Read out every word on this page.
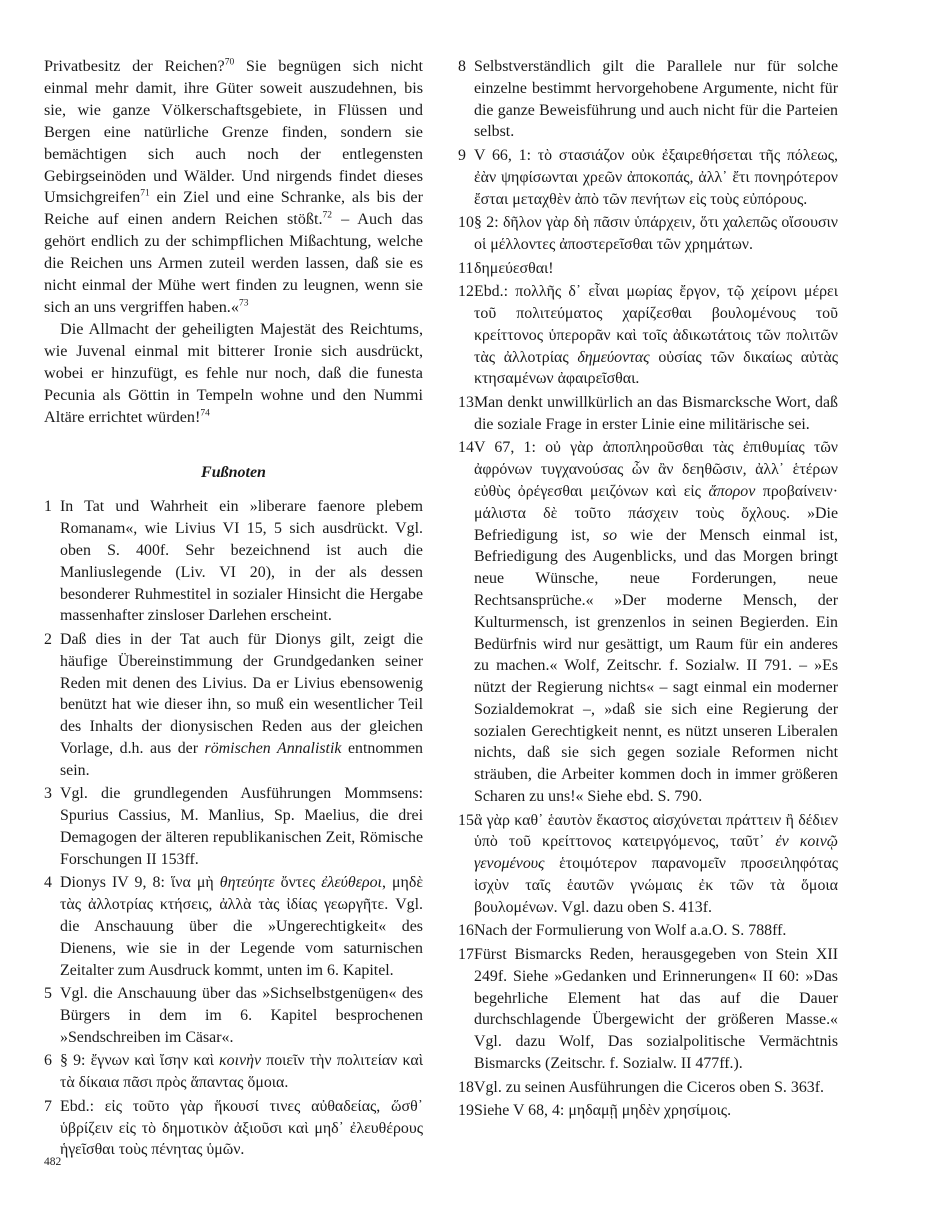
Privatbesitz der Reichen?$^{70}$ Sie begnügen sich nicht einmal mehr damit, ihre Güter soweit auszudehnen, bis sie, wie ganze Völkerschaftsgebiete, in Flüssen und Bergen eine natürliche Grenze finden, sondern sie bemächtigen sich auch noch der entlegensten Gebirgseinöden und Wälder. Und nirgends findet dieses Umsichgreifen$^{71}$ ein Ziel und eine Schranke, als bis der Reiche auf einen andern Reichen stößt.$^{72}$ – Auch das gehört endlich zu der schimpflichen Mißachtung, welche die Reichen uns Armen zuteil werden lassen, daß sie es nicht einmal der Mühe wert finden zu leugnen, wenn sie sich an uns vergriffen haben.«$^{73}$

Die Allmacht der geheiligten Majestät des Reichtums, wie Juvenal einmal mit bitterer Ironie sich ausdrückt, wobei er hinzufügt, es fehle nur noch, daß die funesta Pecunia als Göttin in Tempeln wohne und den Nummi Altäre errichtet würden!$^{74}$

Fußnoten
1 In Tat und Wahrheit ein »liberare faenore plebem Romanam«, wie Livius VI 15, 5 sich ausdrückt. Vgl. oben S. 400f. Sehr bezeichnend ist auch die Manliuslegende (Liv. VI 20), in der als dessen besonderer Ruhmestitel in sozialer Hinsicht die Hergabe massenhafter zinsloser Darlehen erscheint.
2 Daß dies in der Tat auch für Dionys gilt, zeigt die häufige Übereinstimmung der Grundgedanken seiner Reden mit denen des Livius. Da er Livius ebensowenig benützt hat wie dieser ihn, so muß ein wesentlicher Teil des Inhalts der dionysischen Reden aus der gleichen Vorlage, d.h. aus der römischen Annalistik entnommen sein.
3 Vgl. die grundlegenden Ausführungen Mommsens: Spurius Cassius, M. Manlius, Sp. Maelius, die drei Demagogen der älteren republikanischen Zeit, Römische Forschungen II 153ff.
4 Dionys IV 9, 8: ἵνα μὴ θητεύητε ὄντες ἐλεύθεροι, μηδὲ τὰς ἀλλοτρίας κτήσεις, ἀλλὰ τὰς ἰδίας γεωργῆτε. Vgl. die Anschauung über die »Ungerechtigkeit« des Dienens, wie sie in der Legende vom saturnischen Zeitalter zum Ausdruck kommt, unten im 6. Kapitel.
5 Vgl. die Anschauung über das »Sichselbstgenügen« des Bürgers in dem im 6. Kapitel besprochenen »Sendschreiben im Cäsar«.
6 § 9: ἔγνων καὶ ἴσην καὶ κοινὴν ποιεῖν τὴν πολιτείαν καὶ τὰ δίκαια πᾶσι πρὸς ἅπαντας ὅμοια.
7 Ebd.: εἰς τοῦτο γὰρ ἥκουσί τινες αὐθαδείας, ὥσθ᾽ ὑβρίζειν εἰς τὸ δημοτικὸν ἀξιοῦσι καὶ μηδ᾽ ἐλευθέρους ἡγεῖσθαι τοὺς πένητας ὑμῶν.
8 Selbstverständlich gilt die Parallele nur für solche einzelne bestimmt hervorgehobene Argumente, nicht für die ganze Beweisführung und auch nicht für die Parteien selbst.
9 V 66, 1: τὸ στασιάζον οὐκ ἐξαιρεθήσεται τῆς πόλεως, ἐὰν ψηφίσωνται χρεῶν ἀποκοπάς, ἀλλ᾽ ἔτι πονηρότερον ἔσται μεταχθὲν ἀπὸ τῶν πενήτων εἰς τοὺς εὐπόρους.
10 § 2: δῆλον γὰρ δὴ πᾶσιν ὑπάρχειν, ὅτι χαλεπῶς οἴσουσιν οἱ μέλλοντες ἀποστερεῖσθαι τῶν χρημάτων.
11 δημεύεσθαι!
12 Ebd.: πολλῆς δ᾽ εἶναι μωρίας ἔργον, τῷ χείρονι μέρει τοῦ πολιτεύματος χαρίζεσθαι βουλομένους τοῦ κρείττονος ὑπερορᾶν καὶ τοῖς ἀδικωτάτοις τῶν πολιτῶν τὰς ἀλλοτρίας δημεύοντας οὐσίας τῶν δικαίως αὐτὰς κτησαμένων ἀφαιρεῖσθαι.
13 Man denkt unwillkürlich an das Bismarcksche Wort, daß die soziale Frage in erster Linie eine militärische sei.
14 V 67, 1: οὐ γὰρ ἀποπληροῦσθαι τὰς ἐπιθυμίας τῶν ἀφρόνων τυγχανούσας ὧν ἂν δεηθῶσιν, ἀλλ᾽ ἑτέρων εὐθὺς ὀρέγεσθαι μειζόνων καὶ εἰς ἄπορον προβαίνειν· μάλιστα δὲ τοῦτο πάσχειν τοὺς ὄχλους. »Die Befriedigung ist, so wie der Mensch einmal ist, Befriedigung des Augenblicks, und das Morgen bringt neue Wünsche, neue Forderungen, neue Rechtsansprüche.« »Der moderne Mensch, der Kulturmensch, ist grenzenlos in seinen Begierden. Ein Bedürfnis wird nur gesättigt, um Raum für ein anderes zu machen.« Wolf, Zeitschr. f. Sozialw. II 791. – »Es nützt der Regierung nichts« – sagt einmal ein moderner Sozialdemokrat –, »daß sie sich eine Regierung der sozialen Gerechtigkeit nennt, es nützt unseren Liberalen nichts, daß sie sich gegen soziale Reformen nicht sträuben, die Arbeiter kommen doch in immer größeren Scharen zu uns!« Siehe ebd. S. 790.
15 ἃ γὰρ καθ᾽ ἑαυτὸν ἕκαστος αἰσχύνεται πράττειν ἢ δέδιεν ὑπὸ τοῦ κρείττονος κατειργόμενος, ταῦτ᾽ ἐν κοινῷ γενομένους ἑτοιμότερον παρανομεῖν προσειληφότας ἰσχὺν ταῖς ἑαυτῶν γνώμαις ἐκ τῶν τὰ ὅμοια βουλομένων. Vgl. dazu oben S. 413f.
16 Nach der Formulierung von Wolf a.a.O. S. 788ff.
17 Fürst Bismarcks Reden, herausgegeben von Stein XII 249f. Siehe »Gedanken und Erinnerungen« II 60: »Das begehrliche Element hat das auf die Dauer durchschlagende Übergewicht der größeren Masse.« Vgl. dazu Wolf, Das sozialpolitische Vermächtnis Bismarcks (Zeitschr. f. Sozialw. II 477ff.).
18 Vgl. zu seinen Ausführungen die Ciceros oben S. 363f.
19 Siehe V 68, 4: μηδαμῇ μηδὲν χρησίμοις.
482
